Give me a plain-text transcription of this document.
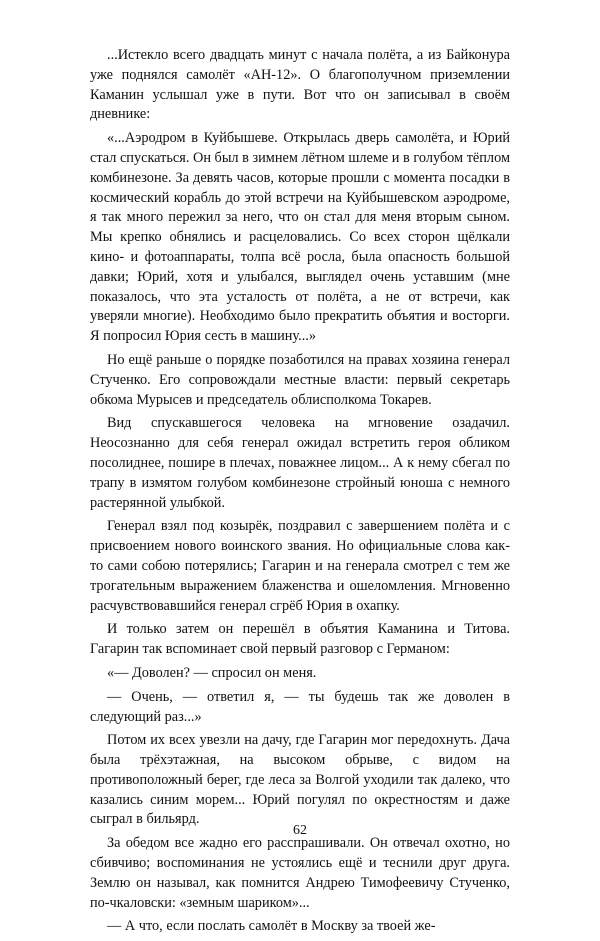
...Истекло всего двадцать минут с начала полёта, а из Байконура уже поднялся самолёт «АН-12». О благополучном приземлении Каманин услышал уже в пути. Вот что он записывал в своём дневнике:

«...Аэродром в Куйбышеве. Открылась дверь самолёта, и Юрий стал спускаться. Он был в зимнем лётном шлеме и в голубом тёплом комбинезоне. За девять часов, которые прошли с момента посадки в космический корабль до этой встречи на Куйбышевском аэродроме, я так много пережил за него, что он стал для меня вторым сыном. Мы крепко обнялись и расцеловались. Со всех сторон щёлкали кино- и фотоаппараты, толпа всё росла, была опасность большой давки; Юрий, хотя и улыбался, выглядел очень уставшим (мне показалось, что эта усталость от полёта, а не от встречи, как уверяли многие). Необходимо было прекратить объятия и восторги. Я попросил Юрия сесть в машину...»

Но ещё раньше о порядке позаботился на правах хозяина генерал Стученко. Его сопровождали местные власти: первый секретарь обкома Мурысев и председатель облисполкома Токарев.

Вид спускавшегося человека на мгновение озадачил. Неосознанно для себя генерал ожидал встретить героя обликом посолиднее, пошире в плечах, поважнее лицом... А к нему сбегал по трапу в измятом голубом комбинезоне стройный юноша с немного растерянной улыбкой.

Генерал взял под козырёк, поздравил с завершением полёта и с присвоением нового воинского звания. Но официальные слова как-то сами собою потерялись; Гагарин и на генерала смотрел с тем же трогательным выражением блаженства и ошеломления. Мгновенно расчувствовавшийся генерал сгрёб Юрия в охапку.

И только затем он перешёл в объятия Каманина и Титова. Гагарин так вспоминает свой первый разговор с Германом:

«— Доволен? — спросил он меня.

— Очень, — ответил я, — ты будешь так же доволен в следующий раз...»

Потом их всех увезли на дачу, где Гагарин мог передохнуть. Дача была трёхэтажная, на высоком обрыве, с видом на противоположный берег, где леса за Волгой уходили так далеко, что казались синим морем... Юрий погулял по окрестностям и даже сыграл в бильярд.

За обедом все жадно его расспрашивали. Он отвечал охотно, но сбивчиво; воспоминания не устоялись ещё и теснили друг друга. Землю он называл, как помнится Андрею Тимофеевичу Стученко, по-чкаловски: «земным шариком»...

— А что, если послать самолёт в Москву за твоей же-

62
